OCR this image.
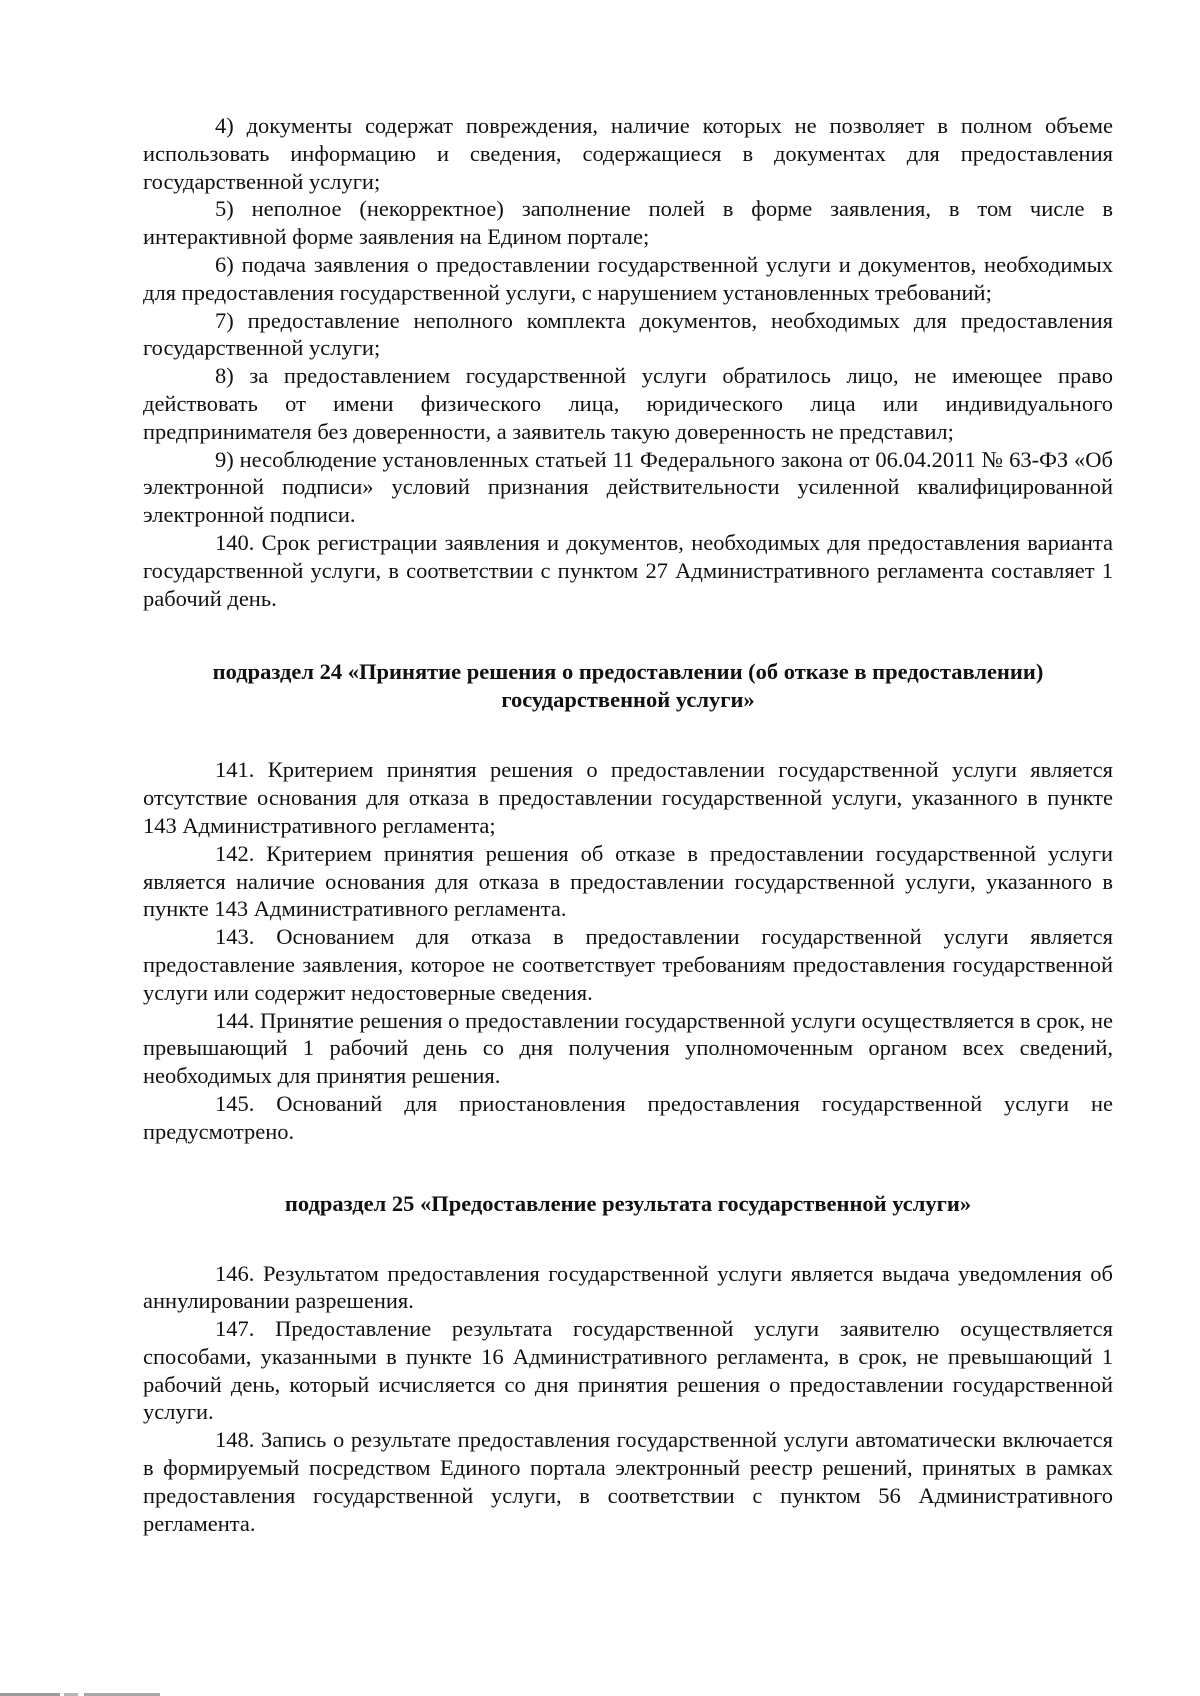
4) документы содержат повреждения, наличие которых не позволяет в полном объеме использовать информацию и сведения, содержащиеся в документах для предоставления государственной услуги;

5) неполное (некорректное) заполнение полей в форме заявления, в том числе в интерактивной форме заявления на Едином портале;

6) подача заявления о предоставлении государственной услуги и документов, необходимых для предоставления государственной услуги, с нарушением установленных требований;

7) предоставление неполного комплекта документов, необходимых для предоставления государственной услуги;

8) за предоставлением государственной услуги обратилось лицо, не имеющее право действовать от имени физического лица, юридического лица или индивидуального предпринимателя без доверенности, а заявитель такую доверенность не представил;

9) несоблюдение установленных статьей 11 Федерального закона от 06.04.2011 № 63-ФЗ «Об электронной подписи» условий признания действительности усиленной квалифицированной электронной подписи.

140. Срок регистрации заявления и документов, необходимых для предоставления варианта государственной услуги, в соответствии с пунктом 27 Административного регламента составляет 1 рабочий день.

подраздел 24 «Принятие решения о предоставлении (об отказе в предоставлении)

государственной услуги»

141. Критерием принятия решения о предоставлении государственной услуги является отсутствие основания для отказа в предоставлении государственной услуги, указанного в пункте 143 Административного регламента;

142. Критерием принятия решения об отказе в предоставлении государственной услуги является наличие основания для отказа в предоставлении государственной услуги, указанного в пункте 143 Административного регламента.

143. Основанием для отказа в предоставлении государственной услуги является предоставление заявления, которое не соответствует требованиям предоставления государственной услуги или содержит недостоверные сведения.

144. Принятие решения о предоставлении государственной услуги осуществляется в срок, не превышающий 1 рабочий день со дня получения уполномоченным органом всех сведений, необходимых для принятия решения.

145. Оснований для приостановления предоставления государственной услуги не предусмотрено.

подраздел 25 «Предоставление результата государственной услуги»

146. Результатом предоставления государственной услуги является выдача уведомления об аннулировании разрешения.

147. Предоставление результата государственной услуги заявителю осуществляется способами, указанными в пункте 16 Административного регламента, в срок, не превышающий 1 рабочий день, который исчисляется со дня принятия решения о предоставлении государственной услуги.

148. Запись о результате предоставления государственной услуги автоматически включается в формируемый посредством Единого портала электронный реестр решений, принятых в рамках предоставления государственной услуги, в соответствии с пунктом 56 Административного регламента.
